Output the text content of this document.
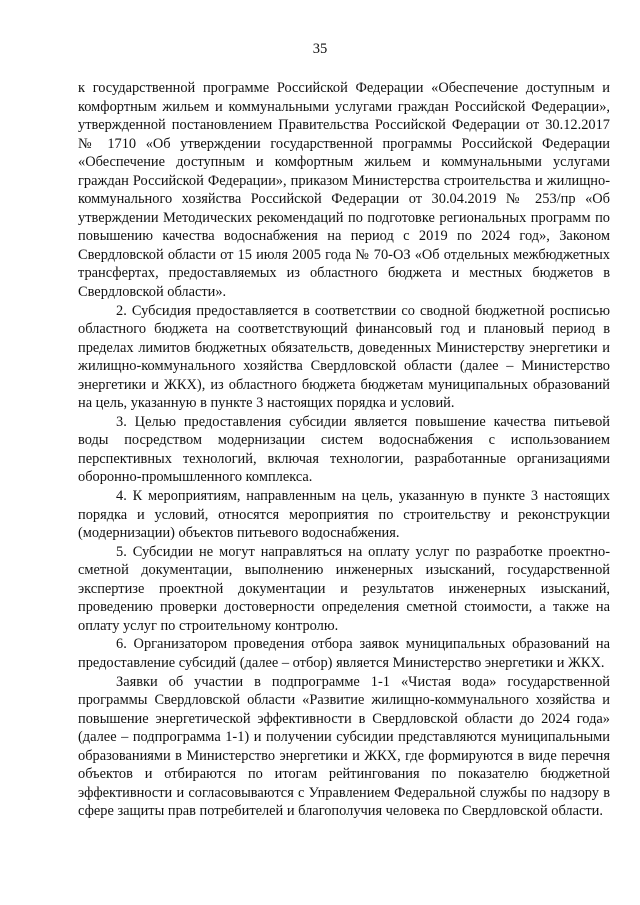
35

к государственной программе Российской Федерации «Обеспечение доступным и комфортным жильем и коммунальными услугами граждан Российской Федерации», утвержденной постановлением Правительства Российской Федерации от 30.12.2017 № 1710 «Об утверждении государственной программы Российской Федерации «Обеспечение доступным и комфортным жильем и коммунальными услугами граждан Российской Федерации», приказом Министерства строительства и жилищно-коммунального хозяйства Российской Федерации от 30.04.2019 № 253/пр «Об утверждении Методических рекомендаций по подготовке региональных программ по повышению качества водоснабжения на период с 2019 по 2024 год», Законом Свердловской области от 15 июля 2005 года № 70-ОЗ «Об отдельных межбюджетных трансфертах, предоставляемых из областного бюджета и местных бюджетов в Свердловской области».

2. Субсидия предоставляется в соответствии со сводной бюджетной росписью областного бюджета на соответствующий финансовый год и плановый период в пределах лимитов бюджетных обязательств, доведенных Министерству энергетики и жилищно-коммунального хозяйства Свердловской области (далее – Министерство энергетики и ЖКХ), из областного бюджета бюджетам муниципальных образований на цель, указанную в пункте 3 настоящих порядка и условий.

3. Целью предоставления субсидии является повышение качества питьевой воды посредством модернизации систем водоснабжения с использованием перспективных технологий, включая технологии, разработанные организациями оборонно-промышленного комплекса.

4. К мероприятиям, направленным на цель, указанную в пункте 3 настоящих порядка и условий, относятся мероприятия по строительству и реконструкции (модернизации) объектов питьевого водоснабжения.

5. Субсидии не могут направляться на оплату услуг по разработке проектно-сметной документации, выполнению инженерных изысканий, государственной экспертизе проектной документации и результатов инженерных изысканий, проведению проверки достоверности определения сметной стоимости, а также на оплату услуг по строительному контролю.

6. Организатором проведения отбора заявок муниципальных образований на предоставление субсидий (далее – отбор) является Министерство энергетики и ЖКХ.

Заявки об участии в подпрограмме 1-1 «Чистая вода» государственной программы Свердловской области «Развитие жилищно-коммунального хозяйства и повышение энергетической эффективности в Свердловской области до 2024 года» (далее – подпрограмма 1-1) и получении субсидии представляются муниципальными образованиями в Министерство энергетики и ЖКХ, где формируются в виде перечня объектов и отбираются по итогам рейтингования по показателю бюджетной эффективности и согласовываются с Управлением Федеральной службы по надзору в сфере защиты прав потребителей и благополучия человека по Свердловской области.
